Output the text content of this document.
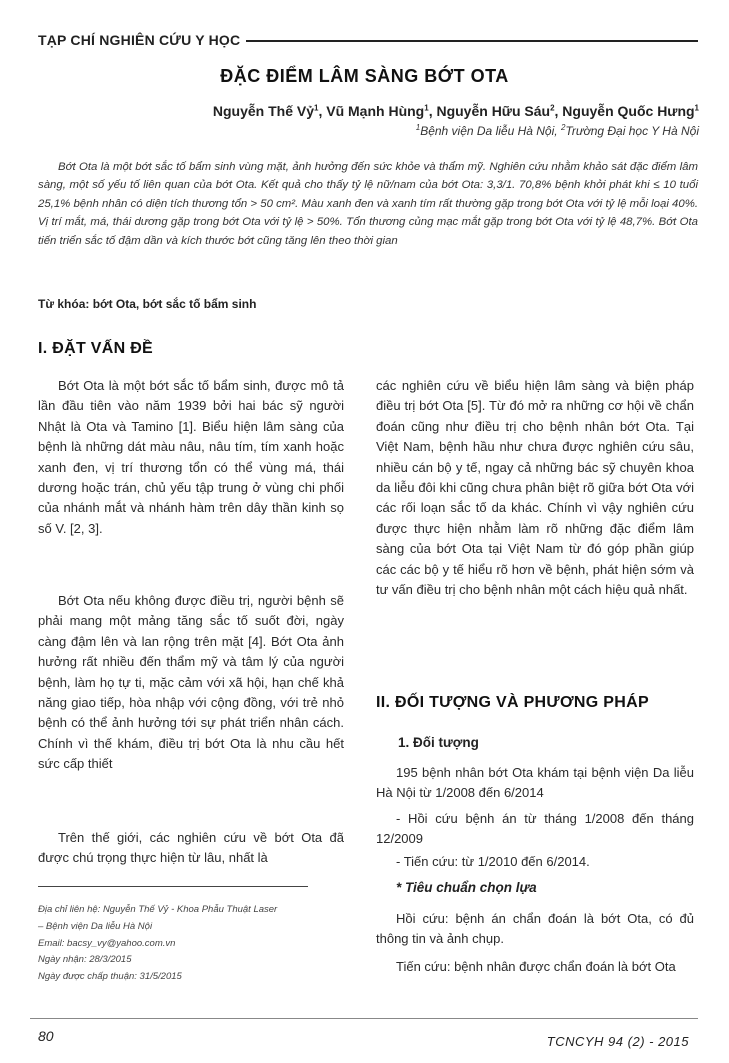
TẠP CHÍ NGHIÊN CỨU Y HỌC
ĐẶC ĐIỂM LÂM SÀNG BỚT OTA
Nguyễn Thế Vỷ$^1$, Vũ Mạnh Hùng$^1$, Nguyễn Hữu Sáu$^2$, Nguyễn Quốc Hưng$^1$
$^1$Bệnh viện Da liễu Hà Nội, $^2$Trường Đại học Y Hà Nội

Bớt Ota là một bớt sắc tố bẩm sinh vùng mặt, ảnh hưởng đến sức khỏe và thẩm mỹ. Nghiên cứu nhằm khảo sát đặc điểm lâm sàng, một số yếu tố liên quan của bớt Ota. Kết quả cho thấy tỷ lệ nữ/nam của bớt Ota: 3,3/1. 70,8% bệnh khởi phát khi ≤ 10 tuổi 25,1% bệnh nhân có diện tích thương tổn > 50 cm². Màu xanh đen và xanh tím rất thường gặp trong bớt Ota với tỷ lệ mỗi loại 40%. Vị trí mắt, má, thái dương gặp trong bớt Ota với tỷ lệ > 50%. Tổn thương củng mạc mắt gặp trong bớt Ota với tỷ lệ 48,7%. Bớt Ota tiến triển sắc tố đậm dần và kích thước bớt cũng tăng lên theo thời gian

Từ khóa: bớt Ota, bớt sắc tố bẩm sinh
I. ĐẶT VẤN ĐỀ

Bớt Ota là một bớt sắc tố bẩm sinh, được mô tả lần đầu tiên vào năm 1939 bởi hai bác sỹ người Nhật là Ota và Tamino [1]. Biểu hiện lâm sàng của bệnh là những dát màu nâu, nâu tím, tím xanh hoặc xanh đen, vị trí thương tổn có thể vùng má, thái dương hoặc trán, chủ yếu tập trung ở vùng chi phối của nhánh mắt và nhánh hàm trên dây thần kinh sọ số V. [2, 3].

Bớt Ota nếu không được điều trị, người bệnh sẽ phải mang một mảng tăng sắc tố suốt đời, ngày càng đậm lên và lan rộng trên mặt [4]. Bớt Ota ảnh hưởng rất nhiều đến thẩm mỹ và tâm lý của người bệnh, làm họ tự ti, mặc cảm với xã hội, hạn chế khả năng giao tiếp, hòa nhập với cộng đồng, với trẻ nhỏ bệnh có thể ảnh hưởng tới sự phát triển nhân cách. Chính vì thế khám, điều trị bớt Ota là nhu cầu hết sức cấp thiết

Trên thế giới, các nghiên cứu về bớt Ota đã được chú trọng thực hiện từ lâu, nhất là

các nghiên cứu về biểu hiện lâm sàng và biện pháp điều trị bớt Ota [5]. Từ đó mở ra những cơ hội về chẩn đoán cũng như điều trị cho bệnh nhân bớt Ota. Tại Việt Nam, bệnh hầu như chưa được nghiên cứu sâu, nhiều cán bộ y tế, ngay cả những bác sỹ chuyên khoa da liễu đôi khi cũng chưa phân biệt rõ giữa bớt Ota với các rối loạn sắc tố da khác. Chính vì vậy nghiên cứu được thực hiện nhằm làm rõ những đặc điểm lâm sàng của bớt Ota tại Việt Nam từ đó góp phần giúp các các bộ y tế hiểu rõ hơn về bệnh, phát hiện sớm và tư vấn điều trị cho bệnh nhân một cách hiệu quả nhất.

II. ĐỐI TƯỢNG VÀ PHƯƠNG PHÁP
1. Đối tượng

195 bệnh nhân bớt Ota khám tại bệnh viện Da liễu Hà Nội từ 1/2008 đến 6/2014

- Hồi cứu bệnh án từ tháng 1/2008 đến tháng 12/2009

- Tiến cứu: từ 1/2010 đến 6/2014.

* Tiêu chuẩn chọn lựa

Hồi cứu: bệnh án chẩn đoán là bớt Ota, có đủ thông tin và ảnh chụp.

Tiến cứu: bệnh nhân được chẩn đoán là bớt Ota

Địa chỉ liên hệ: Nguyễn Thế Vỷ - Khoa Phẫu Thuật Laser
– Bệnh viện Da liễu Hà Nội
Email: bacsy_vy@yahoo.com.vn
Ngày nhận: 28/3/2015
Ngày được chấp thuận: 31/5/2015
80	TCNCYH 94 (2) - 2015
